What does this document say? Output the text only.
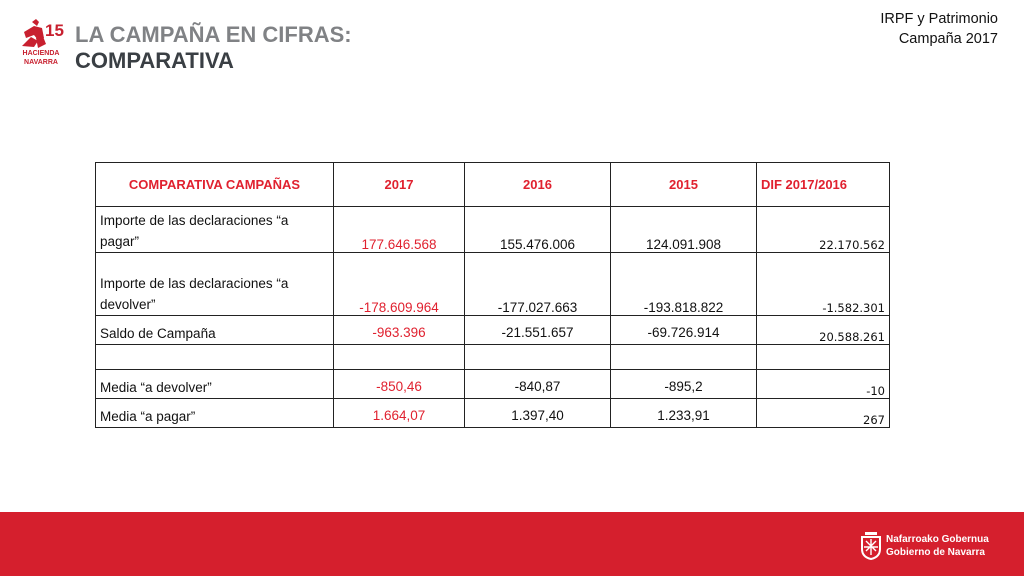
15
HACIENDA NAVARRA
LA CAMPAÑA EN CIFRAS:
COMPARATIVA
IRPF y Patrimonio
Campaña 2017
COMPARATIVA CAMPAÑAS	2017	2016	2015	DIF 2017/2016
Importe de las declaraciones “a pagar”	177.646.568	155.476.006	124.091.908	22.170.562
Importe de las declaraciones “a devolver”	-178.609.964	-177.027.663	-193.818.822	-1.582.301
Saldo de Campaña	-963.396	-21.551.657	-69.726.914	20.588.261

Media “a devolver”	-850,46	-840,87	-895,2	-10
Media “a pagar”	1.664,07	1.397,40	1.233,91	267
Nafarroako Gobernua
Gobierno de Navarra
